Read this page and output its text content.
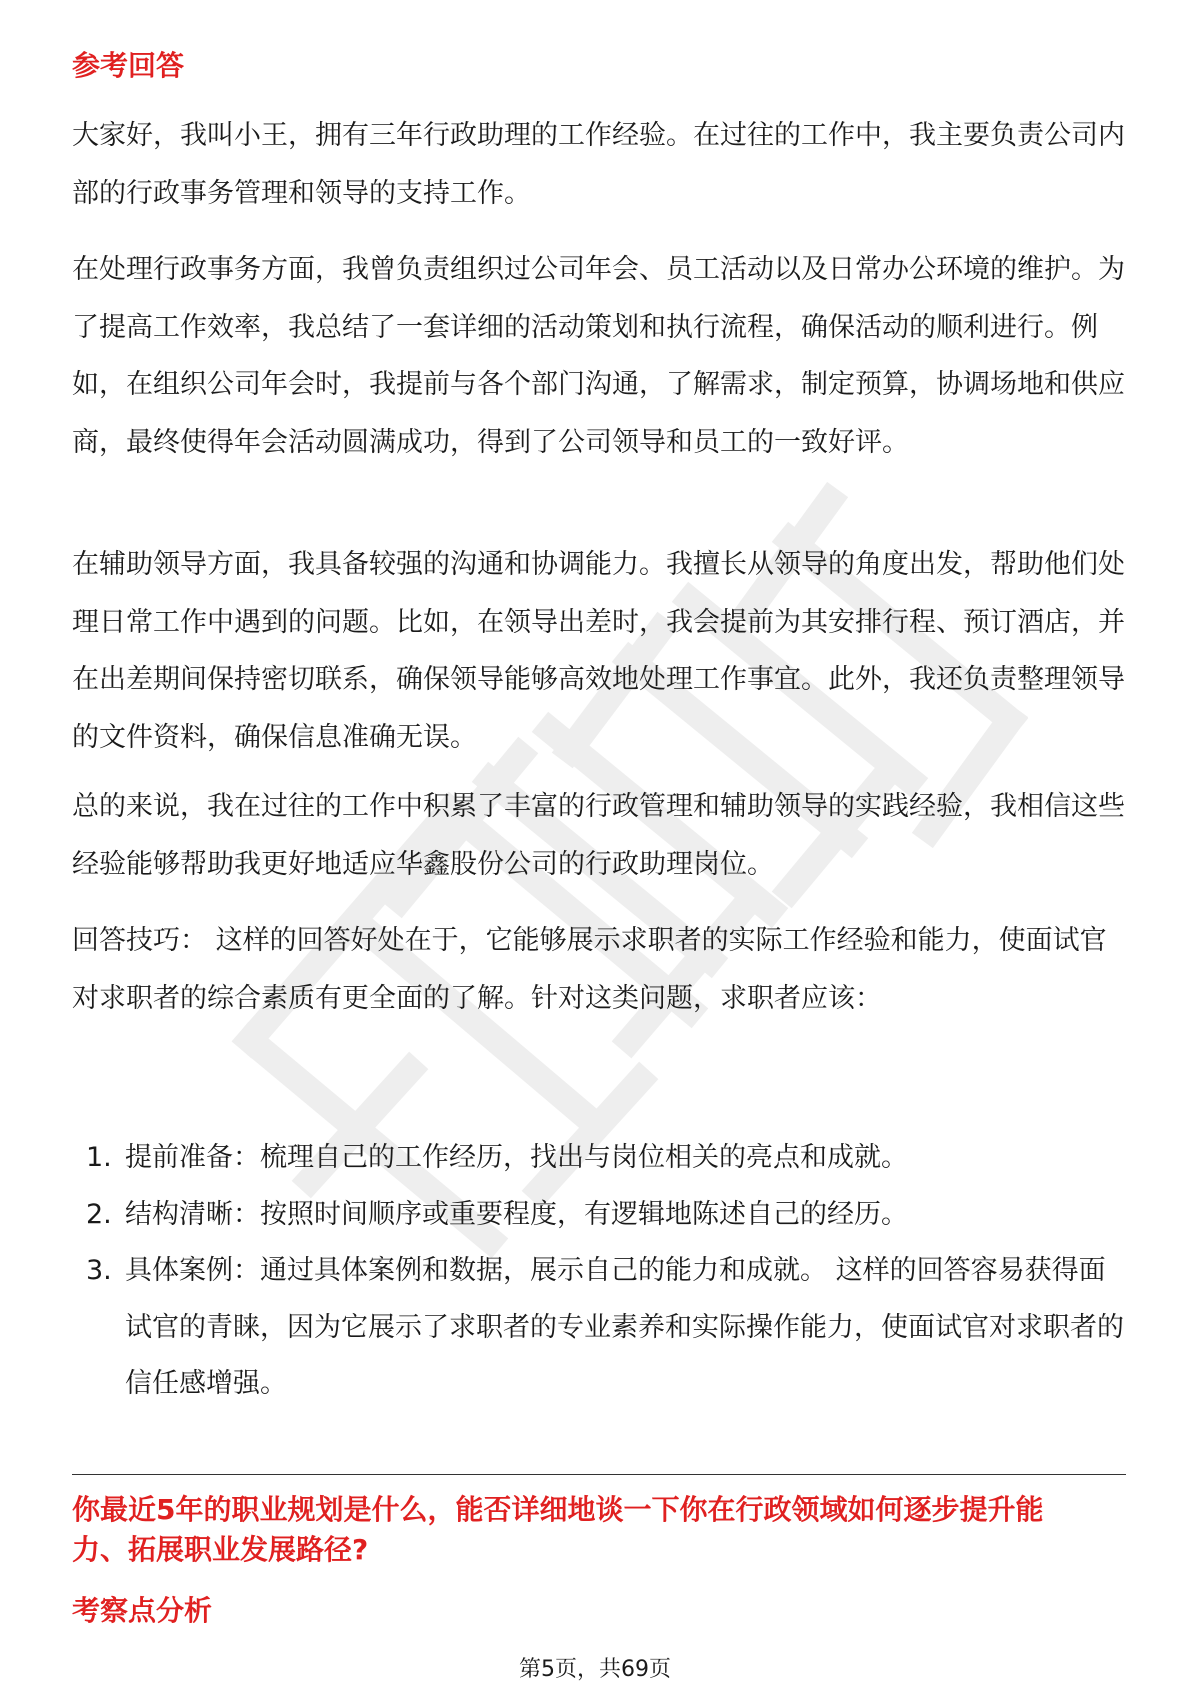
参考回答

大家好，我叫小王，拥有三年行政助理的工作经验。在过往的工作中，我主要负责公司内部的行政事务管理和领导的支持工作。

在处理行政事务方面，我曾负责组织过公司年会、员工活动以及日常办公环境的维护。为了提高工作效率，我总结了一套详细的活动策划和执行流程，确保活动的顺利进行。例如，在组织公司年会时，我提前与各个部门沟通，了解需求，制定预算，协调场地和供应商，最终使得年会活动圆满成功，得到了公司领导和员工的一致好评。

在辅助领导方面，我具备较强的沟通和协调能力。我擅长从领导的角度出发，帮助他们处理日常工作中遇到的问题。比如，在领导出差时，我会提前为其安排行程、预订酒店，并在出差期间保持密切联系，确保领导能够高效地处理工作事宜。此外，我还负责整理领导的文件资料，确保信息准确无误。

总的来说，我在过往的工作中积累了丰富的行政管理和辅助领导的实践经验，我相信这些经验能够帮助我更好地适应华鑫股份公司的行政助理岗位。

回答技巧： 这样的回答好处在于，它能够展示求职者的实际工作经验和能力，使面试官对求职者的综合素质有更全面的了解。针对这类问题，求职者应该：

1. 提前准备：梳理自己的工作经历，找出与岗位相关的亮点和成就。
2. 结构清晰：按照时间顺序或重要程度，有逻辑地陈述自己的经历。
3. 具体案例：通过具体案例和数据，展示自己的能力和成就。 这样的回答容易获得面试官的青睐，因为它展示了求职者的专业素养和实际操作能力，使面试官对求职者的信任感增强。

你最近5年的职业规划是什么，能否详细地谈一下你在行政领域如何逐步提升能力、拓展职业发展路径?

考察点分析
第5页，共69页
